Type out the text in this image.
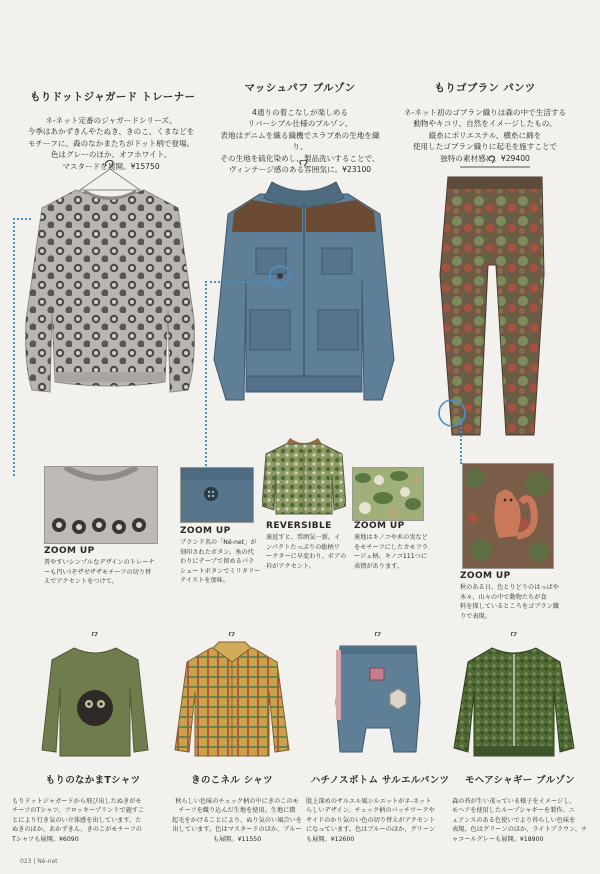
もりドットジャガード トレーナー

ネ-ネット定番のジャガードシリーズ。
今季はあかずきんやたぬき、きのこ、くまなどを
モチーフに、森のなかまたちがドット柄で登場。
色はグレーのほか、オフホワイト、
マスタードを展開。¥15750

マッシュパフ ブルゾン

4通りの着こなしが楽しめる
リバーシブル仕様のブルゾン。
表地はデニムを織る織機でスラブ糸の生地を織り、
その生地を硫化染めし、製品洗いすることで、
ヴィンテージ感のある雰囲気に。¥23100

もりゴブラン パンツ

ネ-ネット初のゴブラン織りは森の中で生活する
動物やキコリ、自然をイメージしたもの。
縦糸にポリエステル、横糸に綿を
使用したゴブラン織りに起毛を施すことで
独特の素材感に。¥29400

ZOOM UP
普やすいシンプルなデザインのトレーナ
ーも円い!ぞザゼザザモチーフの切り替
えでアクセントをつけて。
ZOOM UP
ブランド名の「Né-net」が
刻印されたボタン。糸の代
わりにテープで留めるパラ
シュートボタンでミリタリー
テイストを加味。
REVERSIBLE
裏返すと、雰囲気一新。イ
ンパクトたっぷりの総柄ワ
ークターに早変わり。ボアの
衿がアクセント。
ZOOM UP
裏地はキノコや木の実など
をモチーフにしたカモフラ
ージュ柄。キノコ111つに
表情があります。
ZOOM UP
秋のある日、色とりどりのはっぱや
木々、山々の中で動物たちが食
料を探しているところをゴブラン織
りで表現。
もりのなかまTシャツ

もりドットジャガードから飛び出したぬきがモ
チーフのTシャツ。フロッキープリントで施すこ
とにより行き気のい立体感を出しています。た
ぬきのほか、あかずきん、きのこがモチーフの
Tシャツも展開。¥6090

きのこネル シャツ

秋らしい色味のチェック柄の中にきのこのモ
チーフを織り込んだ生地を使用。生地に微
起毛をかけることにより、ぬり気のい風合いを
出しています。色はマスタードのほか、ブルー
も展開。¥11550

ハチノスボトム サルエルパンツ

股上深めのサルエル風シルエットがネ-ネット
らしいデザイン。チェック柄のパッチワークや
サイドのかり気のい色の切り替えがアクセント
になっています。色はブルーのほか、グリーン
も展開。¥12600

モヘアシャギー ブルゾン

森の苔が生い茂っている様子をイメージし、
モヘアを使用したループシャギーを製作。ニ
ュアンスのある色使いでより苔らしい色味を
表現。色はグリーンのほか、ライトブラウン、チ
ャコールグレーも展開。¥18900

023 | Né-net
